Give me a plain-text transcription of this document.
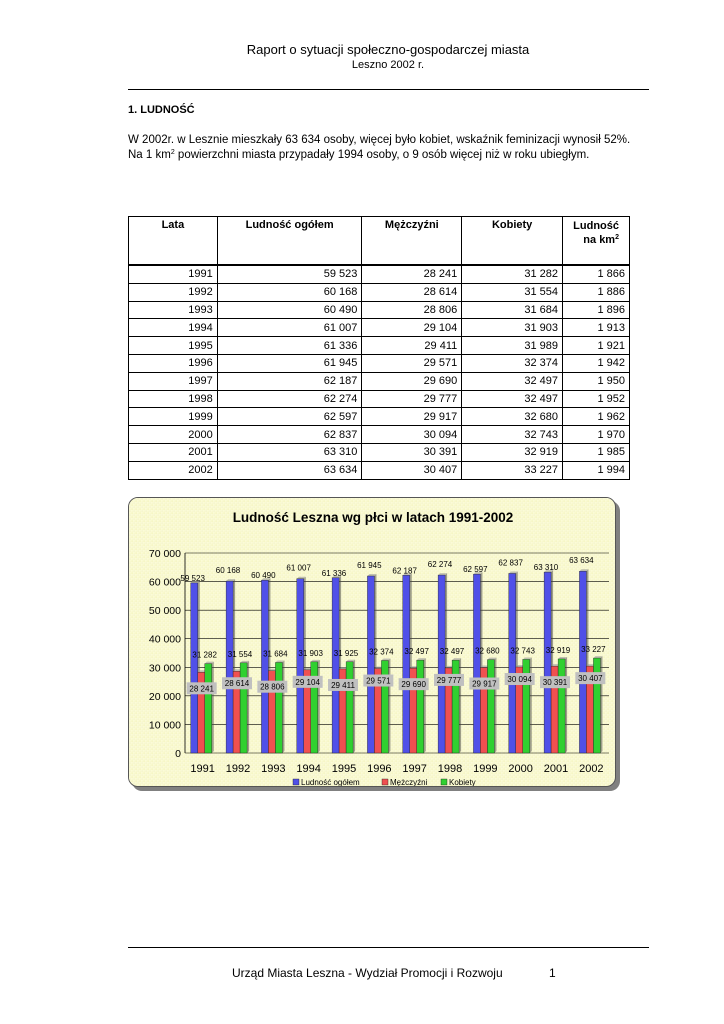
Raport o sytuacji społeczno-gospodarczej miasta
Leszno 2002 r.
1. LUDNOŚĆ
W 2002r. w Lesznie mieszkały 63 634 osoby, więcej było kobiet, wskaźnik feminizacji wynosił 52%. Na 1 $km^2$ powierzchni miasta przypadały 1994 osoby, o 9 osób więcej niż w roku ubiegłym.
Lata	Ludność ogółem	Mężczyźni	Kobiety	Ludność na $km^2$

1991	59 523	28 241	31 282	1 866
1992	60 168	28 614	31 554	1 886
1993	60 490	28 806	31 684	1 896
1994	61 007	29 104	31 903	1 913
1995	61 336	29 411	31 989	1 921
1996	61 945	29 571	32 374	1 942
1997	62 187	29 690	32 497	1 950
1998	62 274	29 777	32 497	1 952
1999	62 597	29 917	32 680	1 962
2000	62 837	30 094	32 743	1 970
2001	63 310	30 391	32 919	1 985
2002	63 634	30 407	33 227	1 994
0
10 000
20 000
30 000
40 000
50 000
60 000
70 000
1991
59 523
31 282
28 241
1992
60 168
31 554
28 614
1993
60 490
31 684
28 806
1994
61 007
31 903
29 104
1995
61 336
31 925
29 411
1996
61 945
32 374
29 571
1997
62 187
32 497
29 690
1998
62 274
32 497
29 777
1999
62 597
32 680
29 917
2000
62 837
32 743
30 094
2001
63 310
32 919
30 391
2002
63 634
33 227
30 407
Ludność ogółem	Mężczyźni	Kobiety
Ludność Leszna wg płci w latach 1991-2002
Urząd Miasta Leszna - Wydział Promocji i Rozwoju	1
